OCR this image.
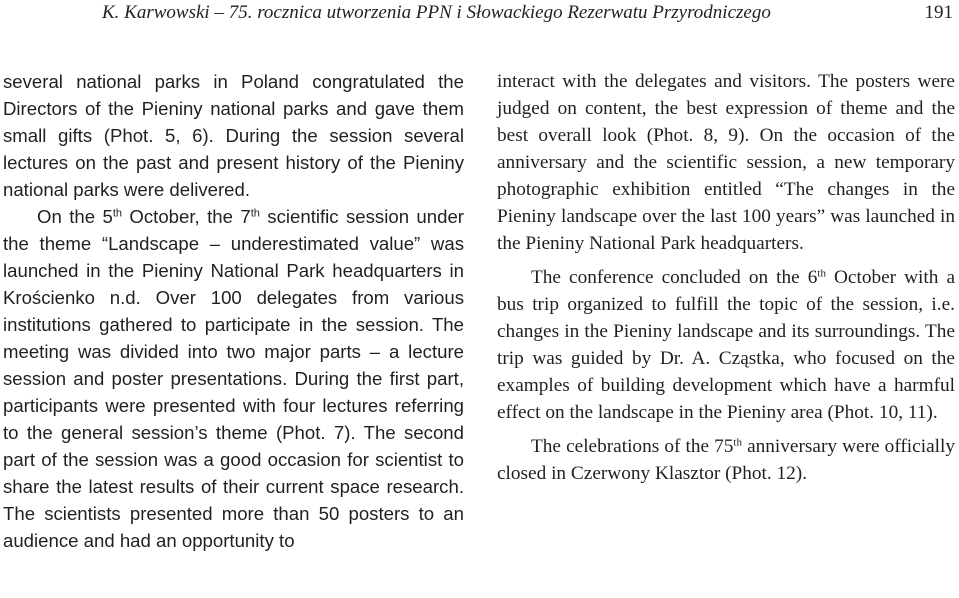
K. Karwowski – 75. rocznica utworzenia PPN i Słowackiego Rezerwatu Przyrodniczego	191

several national parks in Poland congratulated the Directors of the Pieniny national parks and gave them small gifts (Phot. 5, 6). During the session several lectures on the past and present history of the Pieniny national parks were delivered.

On the 5th October, the 7th scientific session under the theme “Landscape – underestimated value” was launched in the Pieniny National Park headquarters in Krościenko n.d. Over 100 delegates from various institutions gathered to participate in the session. The meeting was divided into two major parts – a lecture session and poster presentations. During the first part, participants were presented with four lectures referring to the general session’s theme (Phot. 7). The second part of the session was a good occasion for scientist to share the latest results of their current space research. The scientists presented more than 50 posters to an audience and had an opportunity to

interact with the delegates and visitors. The posters were judged on content, the best expression of theme and the best overall look (Phot. 8, 9). On the occasion of the anniversary and the scientific session, a new temporary photographic exhibition entitled “The changes in the Pieniny landscape over the last 100 years” was launched in the Pieniny National Park headquarters.

The conference concluded on the 6th October with a bus trip organized to fulfill the topic of the session, i.e. changes in the Pieniny landscape and its surroundings. The trip was guided by Dr. A. Cząstka, who focused on the examples of building development which have a harmful effect on the landscape in the Pieniny area (Phot. 10, 11).

The celebrations of the 75th anniversary were officially closed in Czerwony Klasztor (Phot. 12).
